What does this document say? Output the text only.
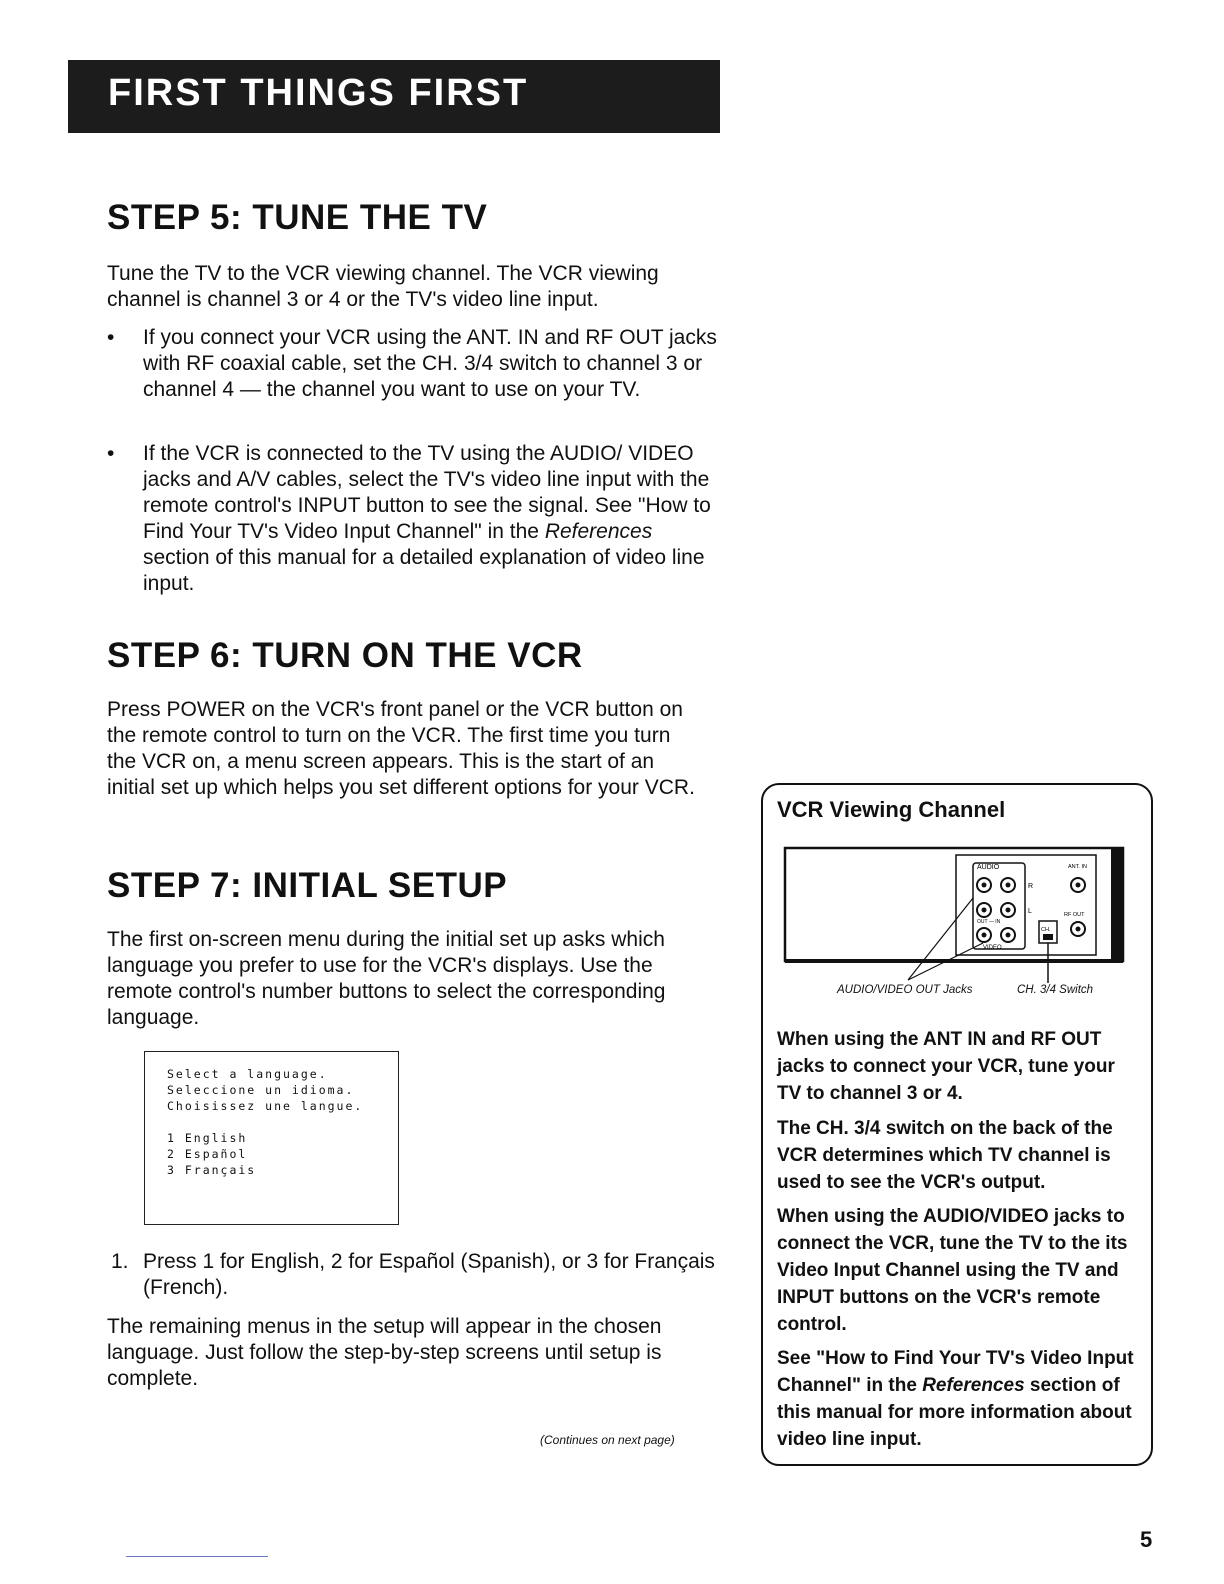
FIRST THINGS FIRST
STEP 5: TUNE THE TV

Tune the TV to the VCR viewing channel. The VCR viewing channel is channel 3 or 4 or the TV's video line input.

• If you connect your VCR using the ANT. IN and RF OUT jacks with RF coaxial cable, set the CH. 3/4 switch to channel 3 or channel 4 — the channel you want to use on your TV.

• If the VCR is connected to the TV using the AUDIO/ VIDEO jacks and A/V cables, select the TV's video line input with the remote control's INPUT button to see the signal. See "How to Find Your TV's Video Input Channel" in the References section of this manual for a detailed explanation of video line input.

STEP 6: TURN ON THE VCR

Press POWER on the VCR's front panel or the VCR button on the remote control to turn on the VCR. The first time you turn the VCR on, a menu screen appears. This is the start of an initial set up which helps you set different options for your VCR.

STEP 7: INITIAL SETUP

The first on-screen menu during the initial set up asks which language you prefer to use for the VCR's displays. Use the remote control's number buttons to select the corresponding language.

Select a language.
Seleccione un idioma.
Choisissez une langue.
1 English
2 Español
3 Français

1. Press 1 for English, 2 for Español (Spanish), or 3 for Français (French).

The remaining menus in the setup will appear in the chosen language. Just follow the step-by-step screens until setup is complete.

(Continues on next page)
VCR Viewing Channel
AUDIO	ANT. IN
R
L
OUT — IN
VIDEO
RF OUT
CH.
AUDIO/VIDEO OUT Jacks	CH. 3/4 Switch

When using the ANT IN and RF OUT jacks to connect your VCR, tune your TV to channel 3 or 4.

The CH. 3/4 switch on the back of the VCR determines which TV channel is used to see the VCR's output.

When using the AUDIO/VIDEO jacks to connect the VCR, tune the TV to the its Video Input Channel using the TV and INPUT buttons on the VCR's remote control.

See "How to Find Your TV's Video Input Channel" in the References section of this manual for more information about video line input.

5
